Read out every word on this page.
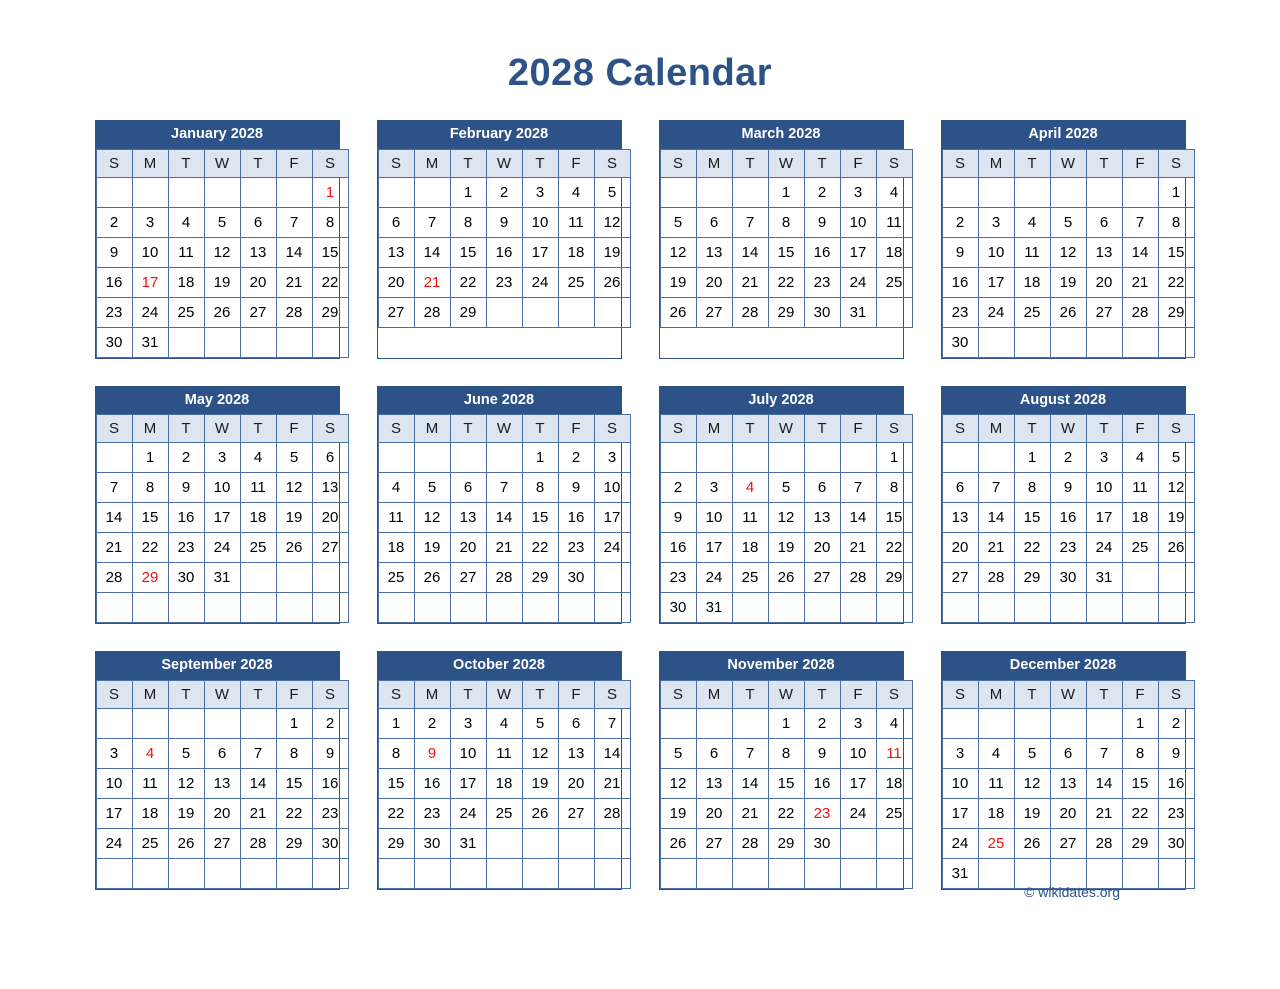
2028 Calendar
January 2028
S	M	T	W	T	F	S
						1
2	3	4	5	6	7	8
9	10	11	12	13	14	15
16	17	18	19	20	21	22
23	24	25	26	27	28	29
30	31					
February 2028
S	M	T	W	T	F	S
		1	2	3	4	5
6	7	8	9	10	11	12
13	14	15	16	17	18	19
20	21	22	23	24	25	26
27	28	29				
March 2028
S	M	T	W	T	F	S
			1	2	3	4
5	6	7	8	9	10	11
12	13	14	15	16	17	18
19	20	21	22	23	24	25
26	27	28	29	30	31	
April 2028
S	M	T	W	T	F	S
						1
2	3	4	5	6	7	8
9	10	11	12	13	14	15
16	17	18	19	20	21	22
23	24	25	26	27	28	29
30						
May 2028
S	M	T	W	T	F	S
	1	2	3	4	5	6
7	8	9	10	11	12	13
14	15	16	17	18	19	20
21	22	23	24	25	26	27
28	29	30	31			

June 2028
S	M	T	W	T	F	S
				1	2	3
4	5	6	7	8	9	10
11	12	13	14	15	16	17
18	19	20	21	22	23	24
25	26	27	28	29	30	

July 2028
S	M	T	W	T	F	S
						1
2	3	4	5	6	7	8
9	10	11	12	13	14	15
16	17	18	19	20	21	22
23	24	25	26	27	28	29
30	31					
August 2028
S	M	T	W	T	F	S
		1	2	3	4	5
6	7	8	9	10	11	12
13	14	15	16	17	18	19
20	21	22	23	24	25	26
27	28	29	30	31		

September 2028
S	M	T	W	T	F	S
					1	2
3	4	5	6	7	8	9
10	11	12	13	14	15	16
17	18	19	20	21	22	23
24	25	26	27	28	29	30

October 2028
S	M	T	W	T	F	S
1	2	3	4	5	6	7
8	9	10	11	12	13	14
15	16	17	18	19	20	21
22	23	24	25	26	27	28
29	30	31				

November 2028
S	M	T	W	T	F	S
			1	2	3	4
5	6	7	8	9	10	11
12	13	14	15	16	17	18
19	20	21	22	23	24	25
26	27	28	29	30		

December 2028
S	M	T	W	T	F	S
					1	2
3	4	5	6	7	8	9
10	11	12	13	14	15	16
17	18	19	20	21	22	23
24	25	26	27	28	29	30
31						
© wikidates.org
